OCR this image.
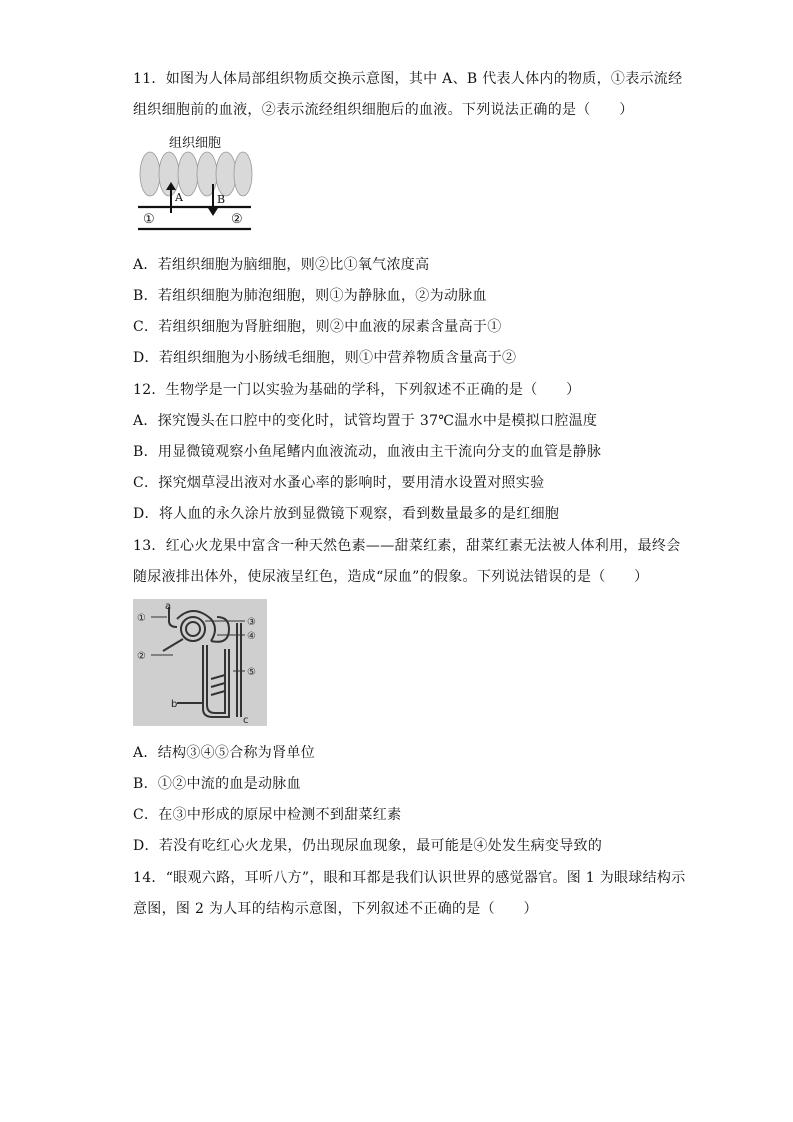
11．如图为人体局部组织物质交换示意图，其中 A、B 代表人体内的物质，①表示流经
组织细胞前的血液，②表示流经组织细胞后的血液。下列说法正确的是（　　）
组织细胞
A	B
①	②
A．若组织细胞为脑细胞，则②比①氧气浓度高
B．若组织细胞为肺泡细胞，则①为静脉血，②为动脉血
C．若组织细胞为肾脏细胞，则②中血液的尿素含量高于①
D．若组织细胞为小肠绒毛细胞，则①中营养物质含量高于②
12．生物学是一门以实验为基础的学科，下列叙述不正确的是（　　）
A．探究馒头在口腔中的变化时，试管均置于 37℃温水中是模拟口腔温度
B．用显微镜观察小鱼尾鳍内血液流动，血液由主干流向分支的血管是静脉
C．探究烟草浸出液对水蚤心率的影响时，要用清水设置对照实验
D．将人血的永久涂片放到显微镜下观察，看到数量最多的是红细胞
13．红心火龙果中富含一种天然色素——甜菜红素，甜菜红素无法被人体利用，最终会
随尿液排出体外，使尿液呈红色，造成“尿血”的假象。下列说法错误的是（　　）
①
②
③
④
⑤
a
b
c
A．结构③④⑤合称为肾单位
B．①②中流的血是动脉血
C．在③中形成的原尿中检测不到甜菜红素
D．若没有吃红心火龙果，仍出现尿血现象，最可能是④处发生病变导致的
14．“眼观六路，耳听八方”，眼和耳都是我们认识世界的感觉器官。图 1 为眼球结构示
意图，图 2 为人耳的结构示意图，下列叙述不正确的是（　　）
